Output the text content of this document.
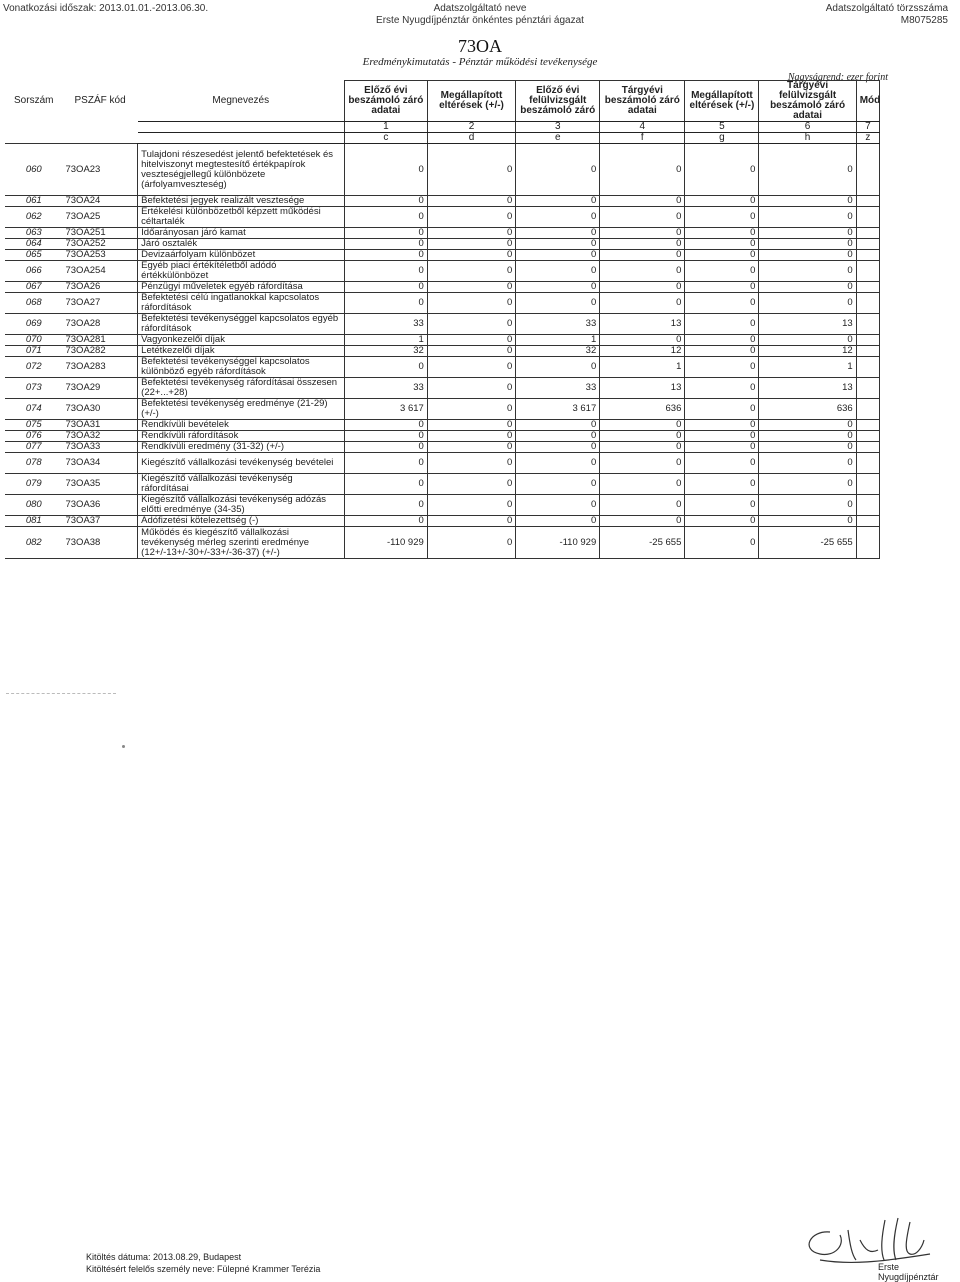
Vonatkozási időszak: 2013.01.01.-2013.06.30.	Adatszolgáltató neve
Erste Nyugdíjpénztár önkéntes pénztári ágazat
Adatszolgáltató törzsszáma
M8075285
73OA
Eredménykimutatás - Pénztár működési tevékenysége
Nagyságrend: ezer forint
Sorszám	PSZÁF kód	Megnevezés	Előző évi beszámoló záró adatai	Megállapított eltérések (+/-)	Előző évi felülvizsgált beszámoló záró	Tárgyévi beszámoló záró adatai	Megállapított eltérések (+/-)	Tárgyévi felülvizsgált beszámoló záró adatai	Mód
			1	2	3	4	5	6	7
			c	d	e	f	g	h	z
060	73OA23	Tulajdoni részesedést jelentő befektetések és hitelviszonyt megtestesítő értékpapírok veszteségjellegű különbözete (árfolyamveszteség)	0	0	0	0	0	0	
061	73OA24	Befektetési jegyek realizált vesztesége	0	0	0	0	0	0	
062	73OA25	Értékelési különbözetből képzett működési céltartalék	0	0	0	0	0	0	
063	73OA251	Időarányosan járó kamat	0	0	0	0	0	0	
064	73OA252	Járó osztalék	0	0	0	0	0	0	
065	73OA253	Devizaárfolyam különbözet	0	0	0	0	0	0	
066	73OA254	Egyéb piaci értékítéletből adódó értékkülönbözet	0	0	0	0	0	0	
067	73OA26	Pénzügyi műveletek egyéb ráfordítása	0	0	0	0	0	0	
068	73OA27	Befektetési célú ingatlanokkal kapcsolatos ráfordítások	0	0	0	0	0	0	
069	73OA28	Befektetési tevékenységgel kapcsolatos egyéb ráfordítások	33	0	33	13	0	13	
070	73OA281	Vagyonkezelői díjak	1	0	1	0	0	0	
071	73OA282	Letétkezelői díjak	32	0	32	12	0	12	
072	73OA283	Befektetési tevékenységgel kapcsolatos különböző egyéb ráfordítások	0	0	0	1	0	1	
073	73OA29	Befektetési tevékenység ráfordításai összesen (22+...+28)	33	0	33	13	0	13	
074	73OA30	Befektetési tevékenység eredménye (21-29) (+/-)	3 617	0	3 617	636	0	636	
075	73OA31	Rendkívüli bevételek	0	0	0	0	0	0	
076	73OA32	Rendkívüli ráfordítások	0	0	0	0	0	0	
077	73OA33	Rendkívüli eredmény (31-32) (+/-)	0	0	0	0	0	0	
078	73OA34	Kiegészítő vállalkozási tevékenység bevételei	0	0	0	0	0	0	
079	73OA35	Kiegészítő vállalkozási tevékenység ráfordításai	0	0	0	0	0	0	
080	73OA36	Kiegészítő vállalkozási tevékenység adózás előtti eredménye (34-35)	0	0	0	0	0	0	
081	73OA37	Adófizetési kötelezettség (-)	0	0	0	0	0	0	
082	73OA38	Működés és kiegészítő vállalkozási tevékenység mérleg szerinti eredménye (12+/-13+/-30+/-33+/-36-37) (+/-)	-110 929	0	-110 929	-25 655	0	-25 655	
Kitöltés dátuma: 2013.08.29, Budapest
Kitöltésért felelős személy neve: Fülepné Krammer Terézia	Erste Nyugdíjpénztár
